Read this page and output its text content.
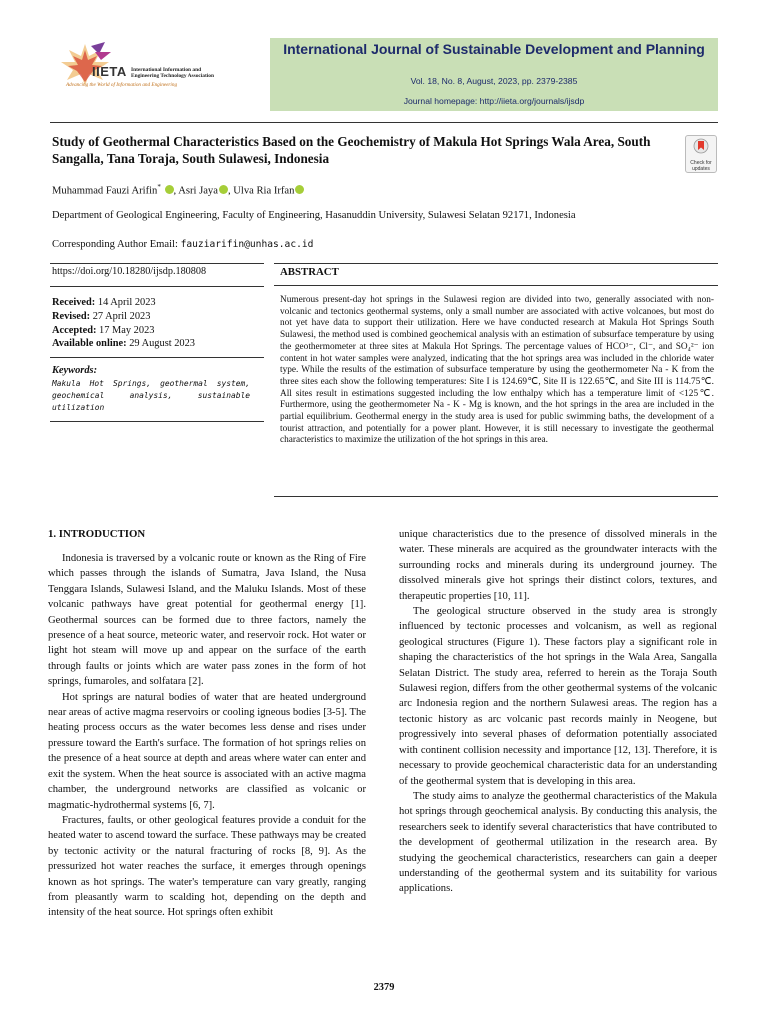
IIETA International Information and
Engineering Technology Association
Advancing the World of Information and Engineering
International Journal of Sustainable Development and Planning
Vol. 18, No. 8, August, 2023, pp. 2379-2385
Journal homepage: http://iieta.org/journals/ijsdp
Study of Geothermal Characteristics Based on the Geochemistry of Makula Hot Springs Wala Area, South Sangalla, Tana Toraja, South Sulawesi, Indonesia	Check for
updates
Muhammad Fauzi Arifin* , Asri Jaya , Ulva Ria Irfan
Department of Geological Engineering, Faculty of Engineering, Hasanuddin University, Sulawesi Selatan 92171, Indonesia
Corresponding Author Email: fauziarifin@unhas.ac.id
https://doi.org/10.18280/ijsdp.180808
Received: 14 April 2023
Revised: 27 April 2023
Accepted: 17 May 2023
Available online: 29 August 2023
Keywords:
Makula Hot Springs, geothermal system, geochemical analysis, sustainable utilization
ABSTRACT
Numerous present-day hot springs in the Sulawesi region are divided into two, generally associated with non-volcanic and tectonics geothermal systems, only a small number are associated with active volcanoes, but most do not yet have data to support their utilization. Here we have conducted research at Makula Hot Springs South Sulawesi, the method used is combined geochemical analysis with an estimation of subsurface temperature by using the geothermometer at three sites at Makula Hot Springs. The percentage values of HCO³⁻, Cl⁻, and SO₄²⁻ ion content in hot water samples were analyzed, indicating that the hot springs area was included in the chloride water type. While the results of the estimation of subsurface temperature by using the geothermometer Na - K from the three sites each show the following temperatures: Site I is 124.69℃, Site II is 122.65℃, and Site III is 114.75℃. All sites result in estimations suggested including the low enthalpy which has a temperature limit of <125℃. Furthermore, using the geothermometer Na - K - Mg is known, and the hot springs in the area are included in the partial equilibrium. Geothermal energy in the study area is used for public swimming baths, the development of a tourist attraction, and potentially for a power plant. However, it is still necessary to investigate the geothermal characteristics to maximize the utilization of the hot springs in this area.
1. INTRODUCTION

Indonesia is traversed by a volcanic route or known as the Ring of Fire which passes through the islands of Sumatra, Java Island, the Nusa Tenggara Islands, Sulawesi Island, and the Maluku Islands. Most of these volcanic pathways have great potential for geothermal energy [1]. Geothermal sources can be formed due to three factors, namely the presence of a heat source, meteoric water, and reservoir rock. Hot water or light hot steam will move up and appear on the surface of the earth through faults or joints which are water pass zones in the form of hot springs, fumaroles, and solfatara [2].

Hot springs are natural bodies of water that are heated underground near areas of active magma reservoirs or cooling igneous bodies [3-5]. The heating process occurs as the water becomes less dense and rises under pressure toward the Earth's surface. The formation of hot springs relies on the presence of a heat source at depth and areas where water can enter and exit the system. When the heat source is associated with an active magma chamber, the underground networks are classified as volcanic or magmatic-hydrothermal systems [6, 7].

Fractures, faults, or other geological features provide a conduit for the heated water to ascend toward the surface. These pathways may be created by tectonic activity or the natural fracturing of rocks [8, 9]. As the pressurized hot water reaches the surface, it emerges through openings known as hot springs. The water's temperature can vary greatly, ranging from pleasantly warm to scalding hot, depending on the depth and intensity of the heat source. Hot springs often exhibit

unique characteristics due to the presence of dissolved minerals in the water. These minerals are acquired as the groundwater interacts with the surrounding rocks and minerals during its underground journey. The dissolved minerals give hot springs their distinct colors, textures, and therapeutic properties [10, 11].

The geological structure observed in the study area is strongly influenced by tectonic processes and volcanism, as well as regional geological structures (Figure 1). These factors play a significant role in shaping the characteristics of the hot springs in the Wala Area, Sangalla Selatan District. The study area, referred to herein as the Toraja South Sulawesi region, differs from the other geothermal systems of the volcanic arc Indonesia region and the northern Sulawesi areas. The region has a tectonic history as arc volcanic past records mainly in Neogene, but progressively into several phases of deformation potentially associated with continent collision necessity and importance [12, 13]. Therefore, it is necessary to provide geochemical characteristic data for an understanding of the geothermal system that is developing in this area.

The study aims to analyze the geothermal characteristics of the Makula hot springs through geochemical analysis. By conducting this analysis, the researchers seek to identify several characteristics that have contributed to the development of geothermal utilization in the research area. By studying the geochemical characteristics, researchers can gain a deeper understanding of the geothermal system and its suitability for various applications.

2379
